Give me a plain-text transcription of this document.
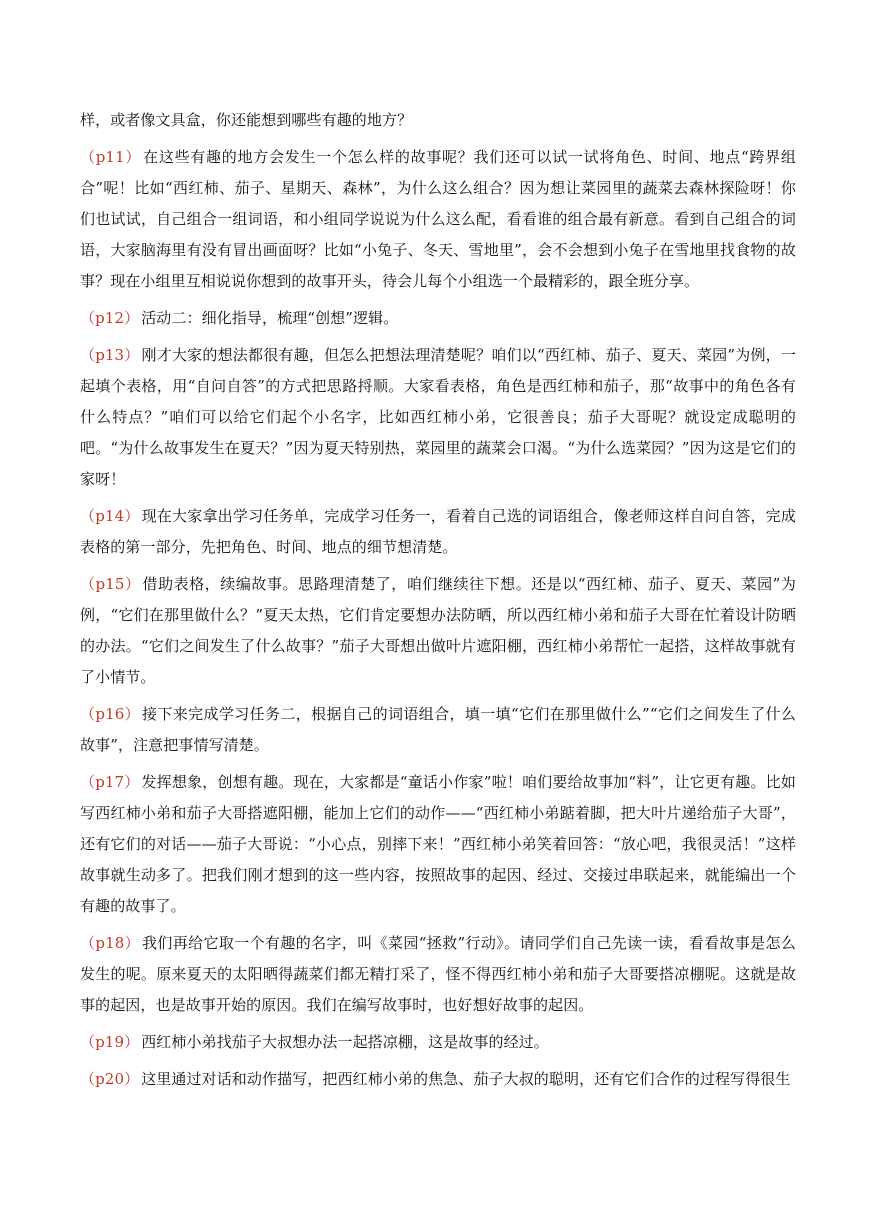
样，或者像文具盒，你还能想到哪些有趣的地方？

（p11） 在这些有趣的地方会发生一个怎么样的故事呢？我们还可以试一试将角色、时间、地点“跨界组合”呢！比如“西红柿、茄子、星期天、森林”，为什么这么组合？因为想让菜园里的蔬菜去森林探险呀！你们也试试，自己组合一组词语，和小组同学说说为什么这么配，看看谁的组合最有新意。看到自己组合的词语，大家脑海里有没有冒出画面呀？比如“小兔子、冬天、雪地里”，会不会想到小兔子在雪地里找食物的故事？现在小组里互相说说你想到的故事开头，待会儿每个小组选一个最精彩的，跟全班分享。

（p12） 活动二：细化指导，梳理“创想”逻辑。

（p13） 刚才大家的想法都很有趣，但怎么把想法理清楚呢？咱们以“西红柿、茄子、夏天、菜园”为例，一起填个表格，用“自问自答”的方式把思路捋顺。大家看表格，角色是西红柿和茄子，那“故事中的角色各有什么特点？”咱们可以给它们起个小名字，比如西红柿小弟，它很善良；茄子大哥呢？就设定成聪明的吧。“为什么故事发生在夏天？”因为夏天特别热，菜园里的蔬菜会口渴。“为什么选菜园？”因为这是它们的家呀！

（p14） 现在大家拿出学习任务单，完成学习任务一，看着自己选的词语组合，像老师这样自问自答，完成表格的第一部分，先把角色、时间、地点的细节想清楚。

（p15） 借助表格，续编故事。思路理清楚了，咱们继续往下想。还是以“西红柿、茄子、夏天、菜园”为例，“它们在那里做什么？”夏天太热，它们肯定要想办法防晒，所以西红柿小弟和茄子大哥在忙着设计防晒的办法。“它们之间发生了什么故事？”茄子大哥想出做叶片遮阳棚，西红柿小弟帮忙一起搭，这样故事就有了小情节。

（p16） 接下来完成学习任务二，根据自己的词语组合，填一填“它们在那里做什么”“它们之间发生了什么故事”，注意把事情写清楚。

（p17） 发挥想象，创想有趣。现在，大家都是“童话小作家”啦！咱们要给故事加“料”，让它更有趣。比如写西红柿小弟和茄子大哥搭遮阳棚，能加上它们的动作——“西红柿小弟踮着脚，把大叶片递给茄子大哥”，还有它们的对话——茄子大哥说：“小心点，别摔下来！”西红柿小弟笑着回答：“放心吧，我很灵活！”这样故事就生动多了。把我们刚才想到的这一些内容，按照故事的起因、经过、交接过串联起来，就能编出一个有趣的故事了。

（p18） 我们再给它取一个有趣的名字，叫《菜园“拯救”行动》。请同学们自己先读一读，看看故事是怎么发生的呢。原来夏天的太阳晒得蔬菜们都无精打采了，怪不得西红柿小弟和茄子大哥要搭凉棚呢。这就是故事的起因，也是故事开始的原因。我们在编写故事时，也好想好故事的起因。

（p19） 西红柿小弟找茄子大叔想办法一起搭凉棚，这是故事的经过。

（p20） 这里通过对话和动作描写，把西红柿小弟的焦急、茄子大叔的聪明，还有它们合作的过程写得很生
